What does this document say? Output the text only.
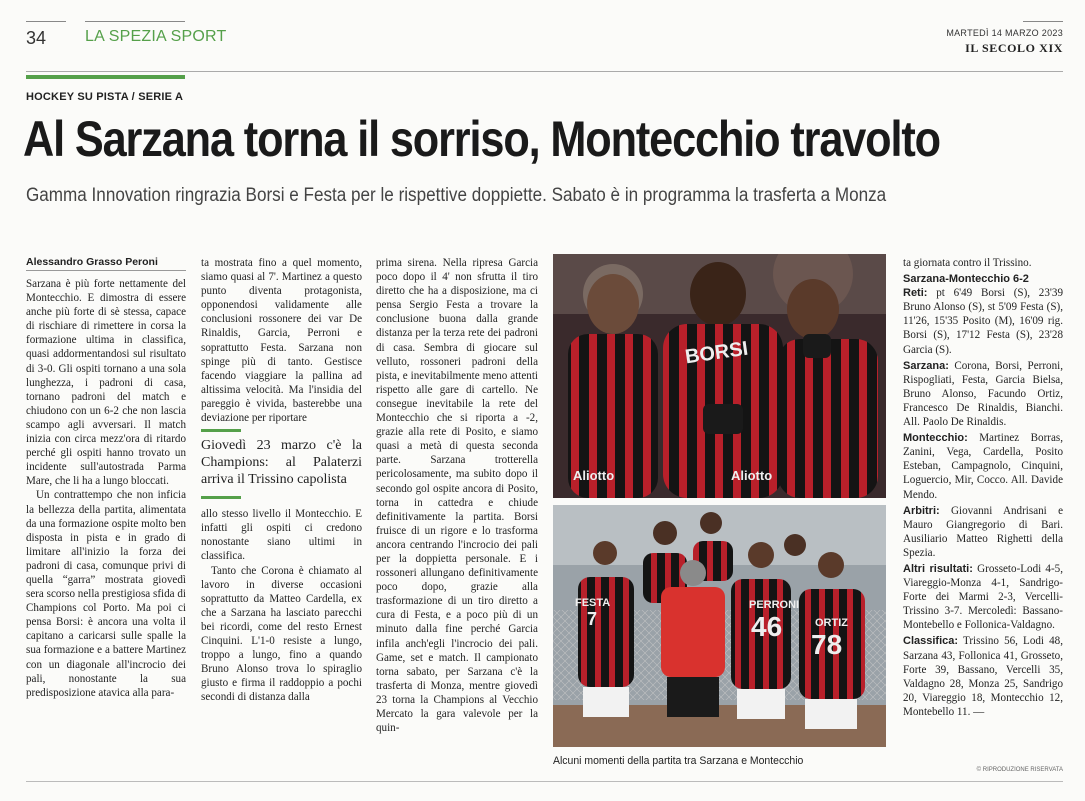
34 LA SPEZIA SPORT	MARTEDÌ 14 MARZO 2023
IL SECOLO XIX
HOCKEY SU PISTA / SERIE A
Al Sarzana torna il sorriso, Montecchio travolto
Gamma Innovation ringrazia Borsi e Festa per le rispettive doppiette. Sabato è in programma la trasferta a Monza
Alessandro Grasso Peroni

Sarzana è più forte nettamente del Montecchio. E dimostra di essere anche più forte di sè stessa, capace di rischiare di rimettere in corsa la formazione ultima in classifica, quasi addormentandosi sul risultato di 3-0. Gli ospiti tornano a una sola lunghezza, i padroni di casa, tornano padroni del match e chiudono con un 6-2 che non lascia scampo agli avversari. Il match inizia con circa mezz'ora di ritardo perché gli ospiti hanno trovato un incidente sull'autostrada Parma Mare, che li ha a lungo bloccati.

Un contrattempo che non inficia la bellezza della partita, alimentata da una formazione ospite molto ben disposta in pista e in grado di limitare all'inizio la forza dei padroni di casa, comunque privi di quella “garra” mostrata giovedì sera scorso nella prestigiosa sfida di Champions col Porto. Ma poi ci pensa Borsi: è ancora una volta il capitano a caricarsi sulle spalle la sua formazione e a battere Martinez con un diagonale all'incrocio dei pali, nonostante la sua predisposizione atavica alla para-

ta mostrata fino a quel momento, siamo quasi al 7'. Martinez a questo punto diventa protagonista, opponendosi validamente alle conclusioni rossonere dei var De Rinaldis, Garcia, Perroni e soprattutto Festa. Sarzana non spinge più di tanto. Gestisce facendo viaggiare la pallina ad altissima velocità. Ma l'insidia del pareggio è vivida, basterebbe una deviazione per riportare

Giovedì 23 marzo c'è la Champions: al Palaterzi arriva il Trissino capolista

allo stesso livello il Montecchio. E infatti gli ospiti ci credono nonostante siano ultimi in classifica.

Tanto che Corona è chiamato al lavoro in diverse occasioni soprattutto da Matteo Cardella, ex che a Sarzana ha lasciato parecchi bei ricordi, come del resto Ernest Cinquini. L'1-0 resiste a lungo, troppo a lungo, fino a quando Bruno Alonso trova lo spiraglio giusto e firma il raddoppio a pochi secondi di distanza dalla

prima sirena. Nella ripresa Garcia poco dopo il 4' non sfrutta il tiro diretto che ha a disposizione, ma ci pensa Sergio Festa a trovare la conclusione buona dalla grande distanza per la terza rete dei padroni di casa. Sembra di giocare sul velluto, rossoneri padroni della pista, e inevitabilmente meno attenti rispetto alle gare di cartello. Ne consegue inevitabile la rete del Montecchio che si riporta a -2, grazie alla rete di Posito, e siamo quasi a metà di questa seconda parte. Sarzana trotterella pericolosamente, ma subito dopo il secondo gol ospite ancora di Posito, torna in cattedra e chiude definitivamente la partita. Borsi fruisce di un rigore e lo trasforma ancora centrando l'incrocio dei pali per la doppietta personale. E i rossoneri allungano definitivamente poco dopo, grazie alla trasformazione di un tiro diretto a cura di Festa, e a poco più di un minuto dalla fine perché Garcia infila anch'egli l'incrocio dei pali. Game, set e match. Il campionato torna sabato, per Sarzana c'è la trasferta di Monza, mentre giovedì 23 torna la Champions al Vecchio Mercato la gara valevole per la quin-

BORSI
Aliotto	Aliotto
FESTA
7
PERRONI
46	ORTIZ
78
Alcuni momenti della partita tra Sarzana e Montecchio

ta giornata contro il Trissino.

Sarzana-Montecchio 6-2

Reti: pt 6'49 Borsi (S), 23'39 Bruno Alonso (S), st 5'09 Festa (S), 11'26, 15'35 Posito (M), 16'09 rig. Borsi (S), 17'12 Festa (S), 23'28 Garcia (S).

Sarzana: Corona, Borsi, Perroni, Rispogliati, Festa, Garcia Bielsa, Bruno Alonso, Facundo Ortiz, Francesco De Rinaldis, Bianchi. All. Paolo De Rinaldis.

Montecchio: Martinez Borras, Zanini, Vega, Cardella, Posito Esteban, Campagnolo, Cinquini, Loguercio, Mir, Cocco. All. Davide Mendo.

Arbitri: Giovanni Andrisani e Mauro Giangregorio di Bari. Ausiliario Matteo Righetti della Spezia.

Altri risultati: Grosseto-Lodi 4-5, Viareggio-Monza 4-1, Sandrigo-Forte dei Marmi 2-3, Vercelli-Trissino 3-7. Mercoledì: Bassano-Montebello e Follonica-Valdagno.

Classifica: Trissino 56, Lodi 48, Sarzana 43, Follonica 41, Grosseto, Forte 39, Bassano, Vercelli 35, Valdagno 28, Monza 25, Sandrigo 20, Viareggio 18, Montecchio 12, Montebello 11. —

© RIPRODUZIONE RISERVATA
